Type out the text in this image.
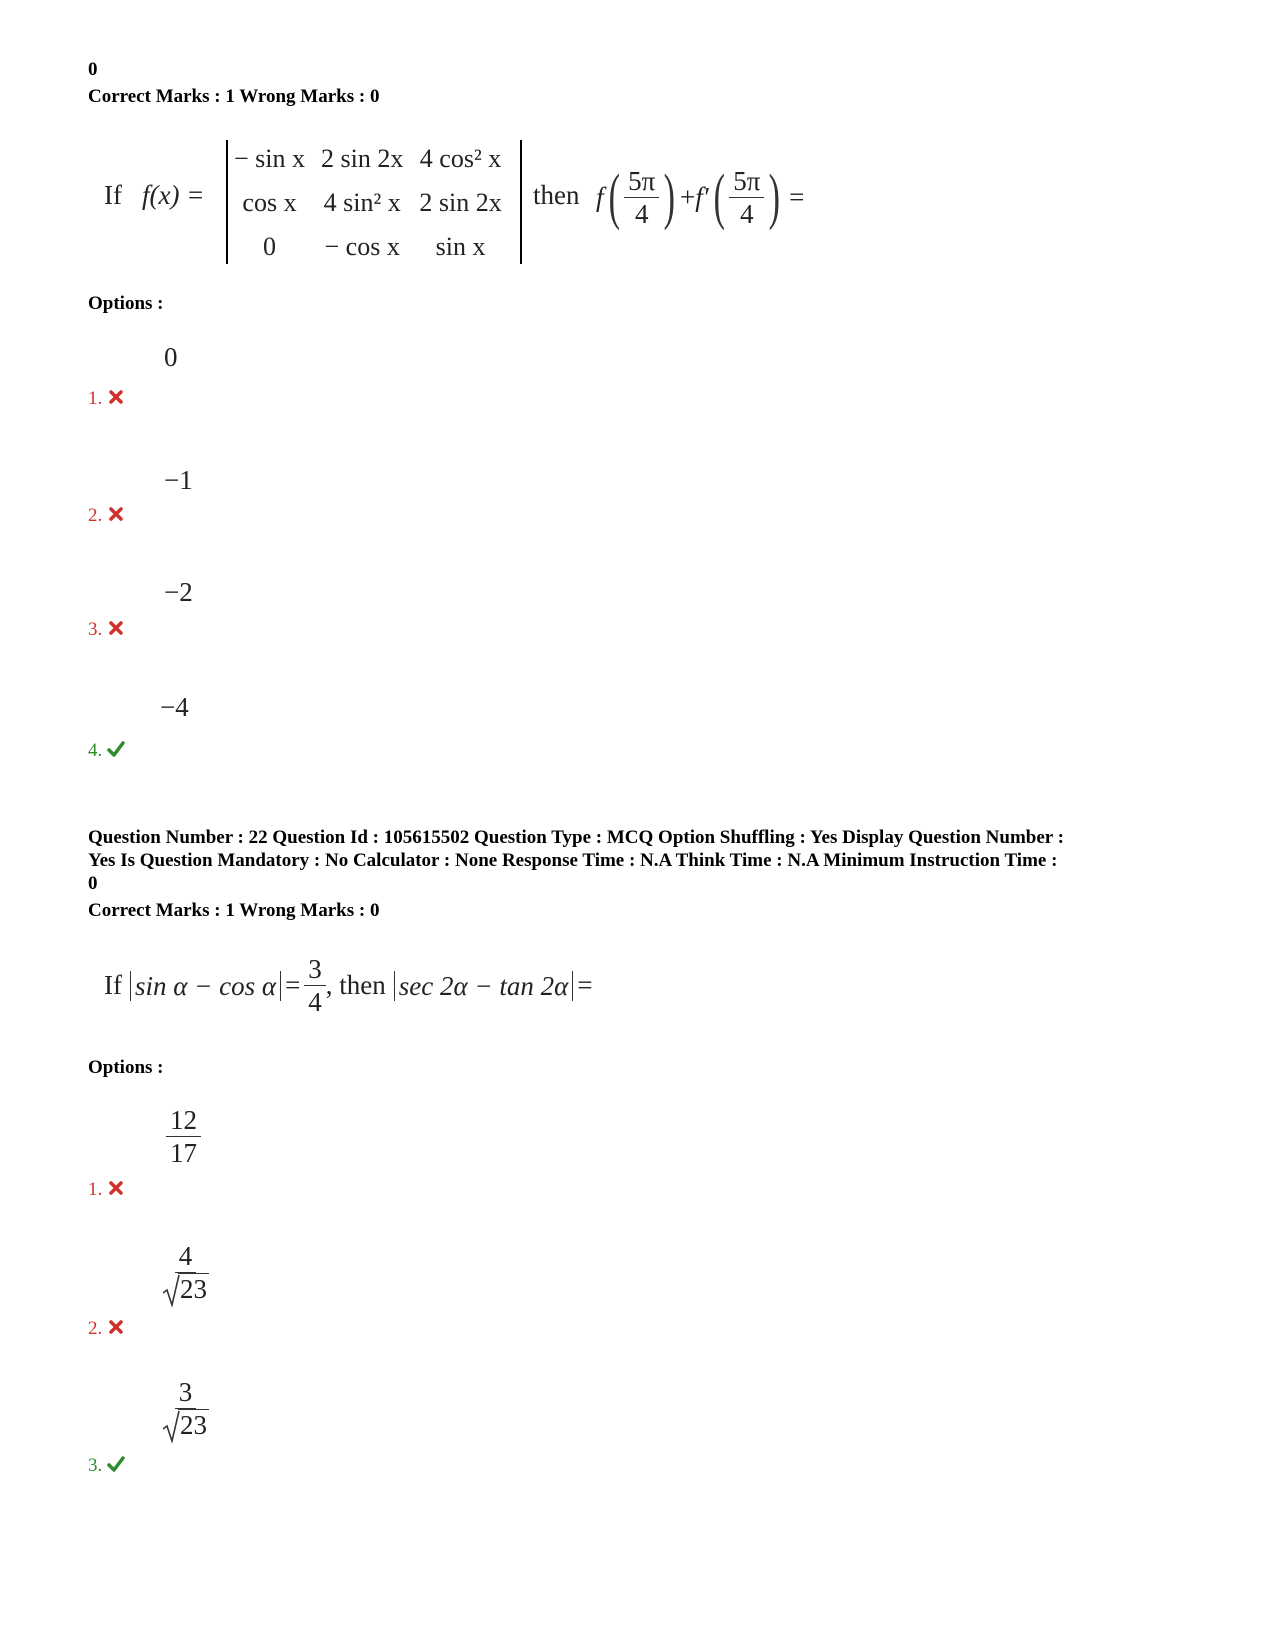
0
Correct Marks : 1 Wrong Marks : 0
If f(x) =
− sin x	2 sin 2x	4 cos² x
cos x	4 sin² x	2 sin 2x
0	− cos x	sin x
then f ( $\frac{5\pi}{4}$ ) + f′ ( $\frac{5\pi}{4}$ ) =
Options :
0
1.
−1
2.
−2
3.
−4
4.
Question Number : 22 Question Id : 105615502 Question Type : MCQ Option Shuffling : Yes Display Question Number :
Yes Is Question Mandatory : No Calculator : None Response Time : N.A Think Time : N.A Minimum Instruction Time :
0
Correct Marks : 1 Wrong Marks : 0
If $\sin \alpha - \cos \alpha = \frac{3}{4}$ , then sec 2α − tan 2α =
Options :
$\frac{12}{17}$
1.
$\frac{4}{23}$
2.
$\frac{3}{23}$
3.
